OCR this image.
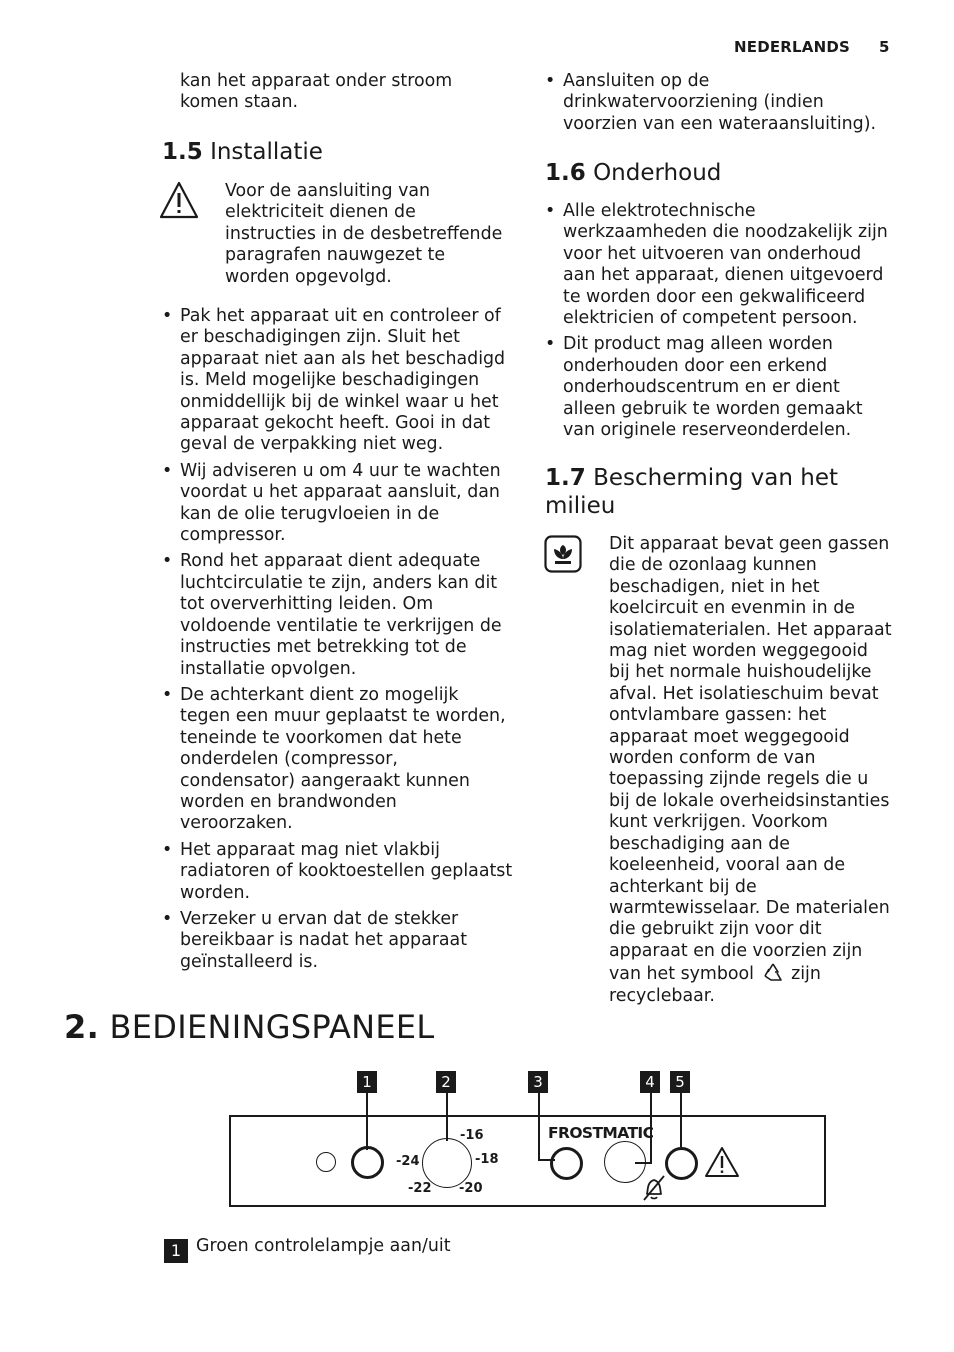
NEDERLANDS 5
kan het apparaat onder stroom komen staan.
1.5 Installatie
Voor de aansluiting van elektriciteit dienen de instructies in de desbetreffende paragrafen nauwgezet te worden opgevolgd.
• Pak het apparaat uit en controleer of er beschadigingen zijn. Sluit het apparaat niet aan als het beschadigd is. Meld mogelijke beschadigingen onmiddellijk bij de winkel waar u het apparaat gekocht heeft. Gooi in dat geval de verpakking niet weg.
• Wij adviseren u om 4 uur te wachten voordat u het apparaat aansluit, dan kan de olie terugvloeien in de compressor.
• Rond het apparaat dient adequate luchtcirculatie te zijn, anders kan dit tot oververhitting leiden. Om voldoende ventilatie te verkrijgen de instructies met betrekking tot de installatie opvolgen.
• De achterkant dient zo mogelijk tegen een muur geplaatst te worden, teneinde te voorkomen dat hete onderdelen (compressor, condensator) aangeraakt kunnen worden en brandwonden veroorzaken.
• Het apparaat mag niet vlakbij radiatoren of kooktoestellen geplaatst worden.
• Verzeker u ervan dat de stekker bereikbaar is nadat het apparaat geïnstalleerd is.
• Aansluiten op de drinkwatervoorziening (indien voorzien van een wateraansluiting).
1.6 Onderhoud
• Alle elektrotechnische werkzaamheden die noodzakelijk zijn voor het uitvoeren van onderhoud aan het apparaat, dienen uitgevoerd te worden door een gekwalificeerd elektricien of competent persoon.
• Dit product mag alleen worden onderhouden door een erkend onderhoudscentrum en er dient alleen gebruik te worden gemaakt van originele reserveonderdelen.
1.7 Bescherming van het milieu
Dit apparaat bevat geen gassen die de ozonlaag kunnen beschadigen, niet in het koelcircuit en evenmin in de isolatiematerialen. Het apparaat mag niet worden weggegooid bij het normale huishoudelijke afval. Het isolatieschuim bevat ontvlambare gassen: het apparaat moet weggegooid worden conform de van toepassing zijnde regels die u bij de lokale overheidsinstanties kunt verkrijgen. Voorkom beschadiging aan de koeleenheid, vooral aan de achterkant bij de warmtewisselaar. De materialen die gebruikt zijn voor dit apparaat en die voorzien zijn van het symbool zijn recyclebaar.
2. BEDIENINGSPANEEL
1	2	3	4	5
-16
-18
-20
-22
-24
FROSTMATIC
1 Groen controlelampje aan/uit
